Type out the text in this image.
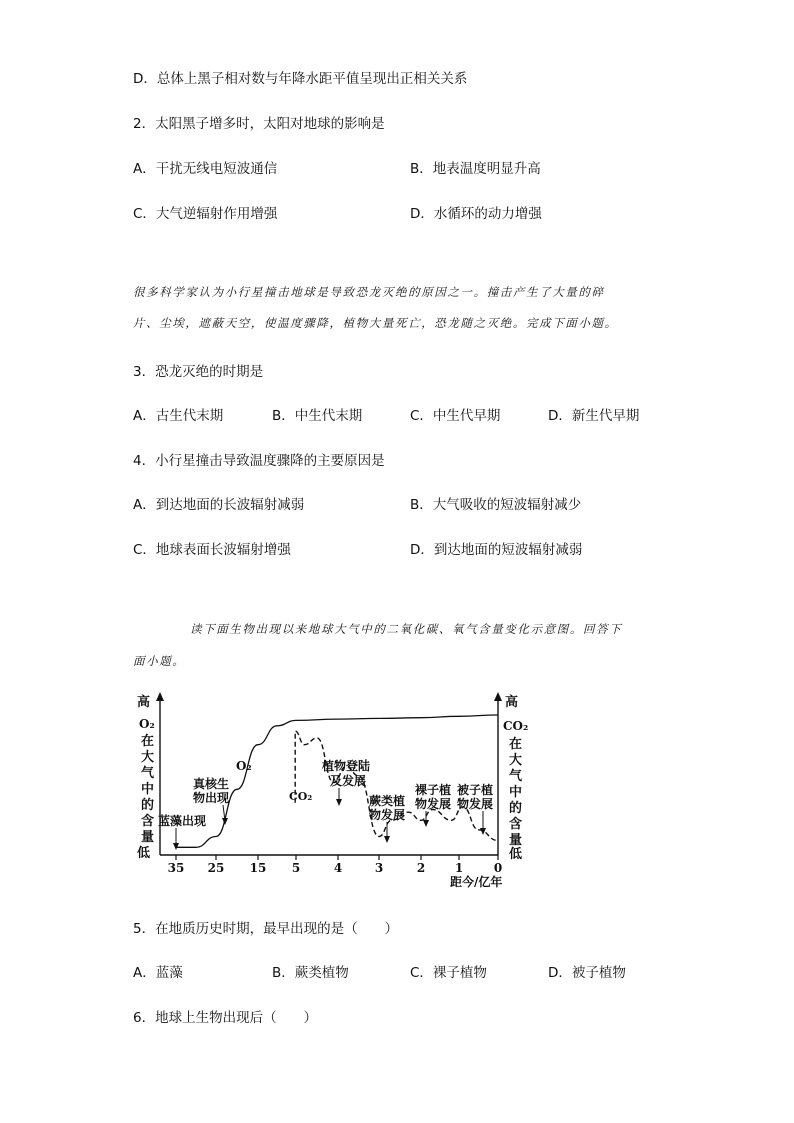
D．总体上黑子相对数与年降水距平值呈现出正相关关系
2．太阳黑子增多时，太阳对地球的影响是
A．干扰无线电短波通信	B．地表温度明显升高
C．大气逆辐射作用增强	D．水循环的动力增强
很多科学家认为小行星撞击地球是导致恐龙灭绝的原因之一。撞击产生了大量的碎
片、尘埃，遮蔽天空，使温度骤降，植物大量死亡，恐龙随之灭绝。完成下面小题。
3．恐龙灭绝的时期是
A．古生代末期	B．中生代末期	C．中生代早期	D．新生代早期
4．小行星撞击导致温度骤降的主要原因是
A．到达地面的长波辐射减弱	B．大气吸收的短波辐射减少
C．地球表面长波辐射增强	D．到达地面的短波辐射减弱
读下面生物出现以来地球大气中的二氧化碳、氧气含量变化示意图。回答下
面小题。
高
O₂
在
大
气
中
的
含
量
低
高
CO₂
在
大
气
中
的
含
量
低
35 25 15 5	4	3	2 1	0
距今/亿年
O₂
CO₂
蓝藻出现
真核生
物出现
植物登陆
及发展
蕨类植
物发展
裸子植
物发展
被子植
物发展
5．在地质历史时期，最早出现的是（　　）
A．蓝藻	B．蕨类植物	C．裸子植物	D．被子植物
6．地球上生物出现后（　　）
